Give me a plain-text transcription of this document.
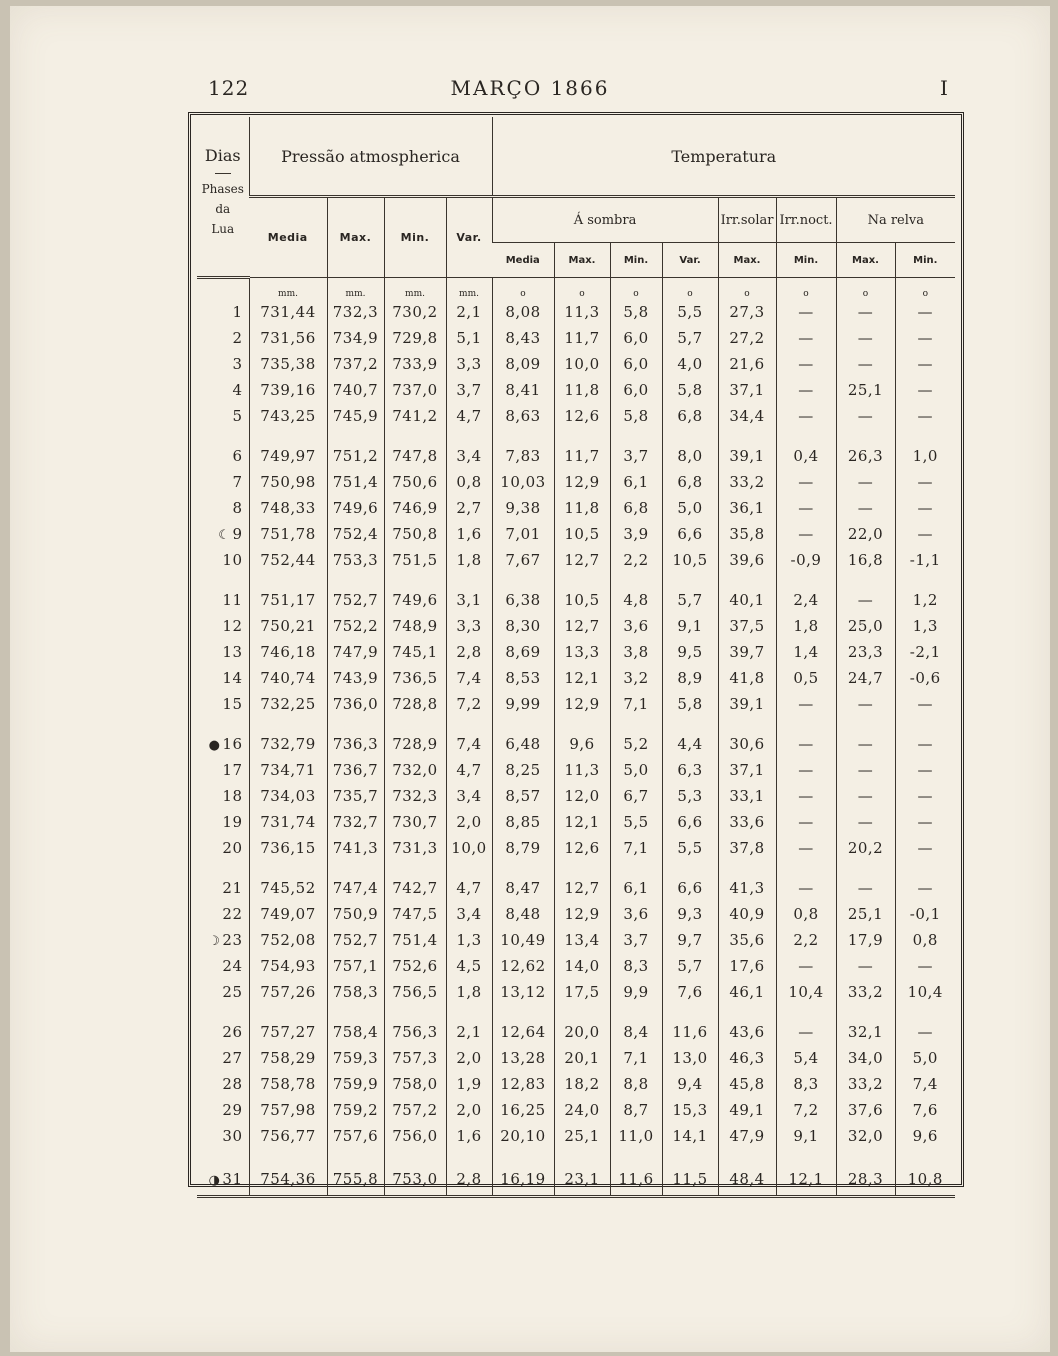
122	MARÇO 1866	I
Dias
Phases
da
Lua	Pressão atmospherica				Temperatura							
	Media	Max.	Min.	Var.	Á sombra				Irr.solar	Irr.noct.	Na relva	
					Media	Max.	Min.	Var.	Max.	Min.	Max.	Min.
	mm.	mm.	mm.	mm.	o	o	o	o	o	o	o	o
1	731,44	732,3	730,2	2,1	8,08	11,3	5,8	5,5	27,3	—	—	—
2	731,56	734,9	729,8	5,1	8,43	11,7	6,0	5,7	27,2	—	—	—
3	735,38	737,2	733,9	3,3	8,09	10,0	6,0	4,0	21,6	—	—	—
4	739,16	740,7	737,0	3,7	8,41	11,8	6,0	5,8	37,1	—	25,1	—
5	743,25	745,9	741,2	4,7	8,63	12,6	5,8	6,8	34,4	—	—	—

6	749,97	751,2	747,8	3,4	7,83	11,7	3,7	8,0	39,1	0,4	26,3	1,0
7	750,98	751,4	750,6	0,8	10,03	12,9	6,1	6,8	33,2	—	—	—
8	748,33	749,6	746,9	2,7	9,38	11,8	6,8	5,0	36,1	—	—	—
☾ 9	751,78	752,4	750,8	1,6	7,01	10,5	3,9	6,6	35,8	—	22,0	—
10	752,44	753,3	751,5	1,8	7,67	12,7	2,2	10,5	39,6	-0,9	16,8	-1,1

11	751,17	752,7	749,6	3,1	6,38	10,5	4,8	5,7	40,1	2,4	—	1,2
12	750,21	752,2	748,9	3,3	8,30	12,7	3,6	9,1	37,5	1,8	25,0	1,3
13	746,18	747,9	745,1	2,8	8,69	13,3	3,8	9,5	39,7	1,4	23,3	-2,1
14	740,74	743,9	736,5	7,4	8,53	12,1	3,2	8,9	41,8	0,5	24,7	-0,6
15	732,25	736,0	728,8	7,2	9,99	12,9	7,1	5,8	39,1	—	—	—

● 16	732,79	736,3	728,9	7,4	6,48	9,6	5,2	4,4	30,6	—	—	—
17	734,71	736,7	732,0	4,7	8,25	11,3	5,0	6,3	37,1	—	—	—
18	734,03	735,7	732,3	3,4	8,57	12,0	6,7	5,3	33,1	—	—	—
19	731,74	732,7	730,7	2,0	8,85	12,1	5,5	6,6	33,6	—	—	—
20	736,15	741,3	731,3	10,0	8,79	12,6	7,1	5,5	37,8	—	20,2	—

21	745,52	747,4	742,7	4,7	8,47	12,7	6,1	6,6	41,3	—	—	—
22	749,07	750,9	747,5	3,4	8,48	12,9	3,6	9,3	40,9	0,8	25,1	-0,1
☽ 23	752,08	752,7	751,4	1,3	10,49	13,4	3,7	9,7	35,6	2,2	17,9	0,8
24	754,93	757,1	752,6	4,5	12,62	14,0	8,3	5,7	17,6	—	—	—
25	757,26	758,3	756,5	1,8	13,12	17,5	9,9	7,6	46,1	10,4	33,2	10,4

26	757,27	758,4	756,3	2,1	12,64	20,0	8,4	11,6	43,6	—	32,1	—
27	758,29	759,3	757,3	2,0	13,28	20,1	7,1	13,0	46,3	5,4	34,0	5,0
28	758,78	759,9	758,0	1,9	12,83	18,2	8,8	9,4	45,8	8,3	33,2	7,4
29	757,98	759,2	757,2	2,0	16,25	24,0	8,7	15,3	49,1	7,2	37,6	7,6
30	756,77	757,6	756,0	1,6	20,10	25,1	11,0	14,1	47,9	9,1	32,0	9,6

◑ 31	754,36	755,8	753,0	2,8	16,19	23,1	11,6	11,5	48,4	12,1	28,3	10,8
